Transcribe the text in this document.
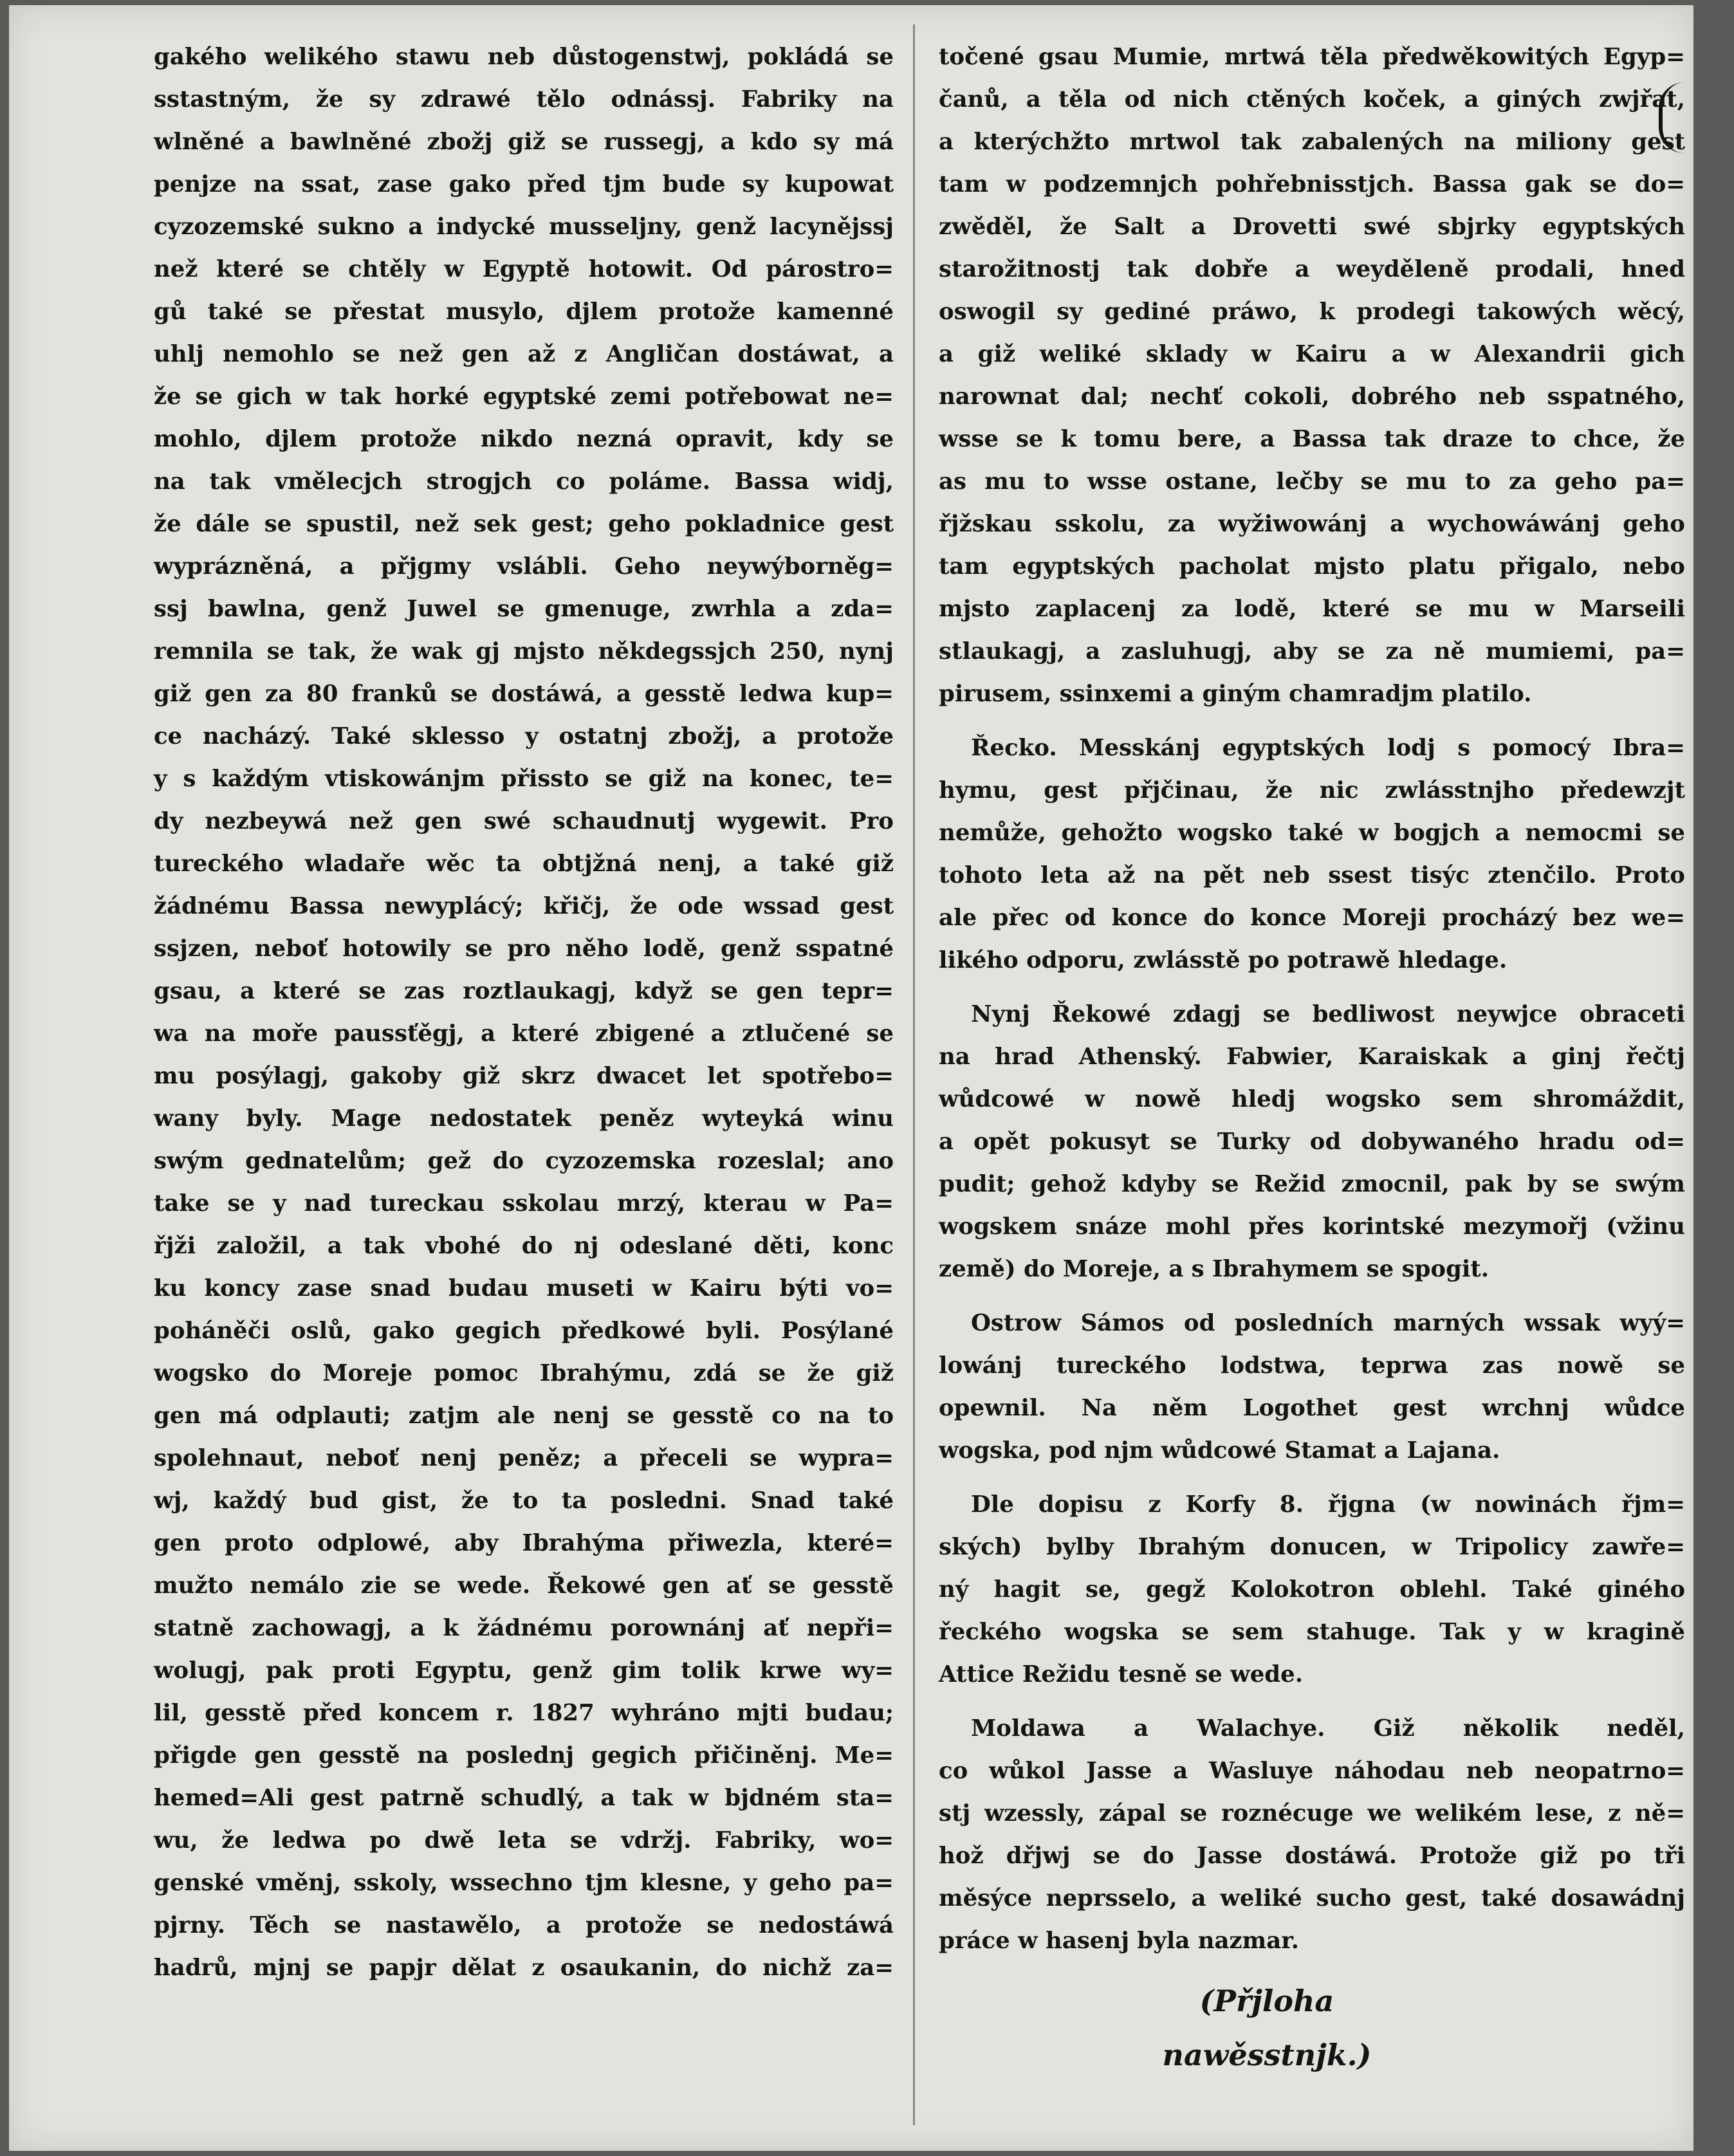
gakého welikého stawu neb důstogenstwj, pokládá se
sstastným, že sy zdrawé tělo odnássj. Fabriky na
wlněné a bawlněné zbožj giž se russegj, a kdo sy má
penjze na ssat, zase gako před tjm bude sy kupowat
cyzozemské sukno a indycké musseljny, genž lacynějssj
než které se chtěly w Egyptě hotowit. Od párostro=
gů také se přestat musylo, djlem protože kamenné
uhlj nemohlo se než gen až z Angličan dostáwat, a
že se gich w tak horké egyptské zemi potřebowat ne=
mohlo, djlem protože nikdo nezná opravit, kdy se
na tak vmělecjch strogjch co poláme. Bassa widj,
že dále se spustil, než sek gest; geho pokladnice gest
wyprázněná, a přjgmy vslábli. Geho neywýborněg=
ssj bawlna, genž Juwel se gmenuge, zwrhla a zda=
remnila se tak, že wak gj mjsto někdegssjch 250, nynj
giž gen za 80 franků se dostáwá, a gesstě ledwa kup=
ce nacházý. Také sklesso y ostatnj zbožj, a protože
y s každým vtiskowánjm přissto se giž na konec, te=
dy nezbeywá než gen swé schaudnutj wygewit. Pro
tureckého wladaře wěc ta obtjžná nenj, a také giž
žádnému Bassa newyplácý; křičj, že ode wssad gest
ssjzen, neboť hotowily se pro něho lodě, genž sspatné
gsau, a které se zas roztlaukagj, když se gen tepr=
wa na moře paussťěgj, a které zbigené a ztlučené se
mu posýlagj, gakoby giž skrz dwacet let spotřebo=
wany byly. Mage nedostatek peněz wyteyká winu
swým gednatelům; gež do cyzozemska rozeslal; ano
take se y nad tureckau sskolau mrzý, kterau w Pa=
řjži založil, a tak vbohé do nj odeslané děti, konc
ku koncy zase snad budau museti w Kairu býti vo=
poháněči oslů, gako gegich předkowé byli. Posýlané
wogsko do Moreje pomoc Ibrahýmu, zdá se že giž
gen má odplauti; zatjm ale nenj se gesstě co na to
spolehnaut, neboť nenj peněz; a přeceli se wypra=
wj, každý bud gist, že to ta posledni. Snad také
gen proto odplowé, aby Ibrahýma přiwezla, které=
mužto nemálo zie se wede. Řekowé gen ať se gesstě
statně zachowagj, a k žádnému porownánj ať nepři=
wolugj, pak proti Egyptu, genž gim tolik krwe wy=
lil, gesstě před koncem r. 1827 wyhráno mjti budau;
přigde gen gesstě na poslednj gegich přičiněnj. Me=
hemed=Ali gest patrně schudlý, a tak w bjdném sta=
wu, že ledwa po dwě leta se vdržj. Fabriky, wo=
genské vměnj, sskoly, wssechno tjm klesne, y geho pa=
pjrny. Těch se nastawělo, a protože se nedostáwá
hadrů, mjnj se papjr dělat z osaukanin, do nichž za=
točené gsau Mumie, mrtwá těla předwěkowitých Egyp=
čanů, a těla od nich ctěných koček, a giných zwjřat,
a kterýchžto mrtwol tak zabalených na miliony gest
tam w podzemnjch pohřebnisstjch. Bassa gak se do=
zwěděl, že Salt a Drovetti swé sbjrky egyptských
starožitnostj tak dobře a weyděleně prodali, hned
oswogil sy gediné práwo, k prodegi takowých wěcý,
a giž weliké sklady w Kairu a w Alexandrii gich
narownat dal; nechť cokoli, dobrého neb sspatného,
wsse se k tomu bere, a Bassa tak draze to chce, že
as mu to wsse ostane, lečby se mu to za geho pa=
řjžskau sskolu, za wyžiwowánj a wychowáwánj geho
tam egyptských pacholat mjsto platu přigalo, nebo
mjsto zaplacenj za lodě, které se mu w Marseili
stlaukagj, a zasluhugj, aby se za ně mumiemi, pa=
pirusem, ssinxemi a giným chamradjm platilo.
Řecko. Messkánj egyptských lodj s pomocý Ibra=
hymu, gest přjčinau, že nic zwlásstnjho předewzjt
nemůže, gehožto wogsko také w bogjch a nemocmi se
tohoto leta až na pět neb ssest tisýc ztenčilo. Proto
ale přec od konce do konce Moreji procházý bez we=
likého odporu, zwlásstě po potrawě hledage.
Nynj Řekowé zdagj se bedliwost neywjce obraceti
na hrad Athenský. Fabwier, Karaiskak a ginj řečtj
wůdcowé w nowě hledj wogsko sem shromáždit,
a opět pokusyt se Turky od dobywaného hradu od=
pudit; gehož kdyby se Režid zmocnil, pak by se swým
wogskem snáze mohl přes korintské mezymořj (vžinu
země) do Moreje, a s Ibrahymem se spogit.
Ostrow Sámos od posledních marných wssak wyý=
lowánj tureckého lodstwa, teprwa zas nowě se
opewnil. Na něm Logothet gest wrchnj wůdce
wogska, pod njm wůdcowé Stamat a Lajana.
Dle dopisu z Korfy 8. řjgna (w nowinách řjm=
ských) bylby Ibrahým donucen, w Tripolicy zawře=
ný hagit se, gegž Kolokotron oblehl. Také giného
řeckého wogska se sem stahuge. Tak y w kragině
Attice Režidu tesně se wede.
Moldawa a Walachye. Giž několik neděl,
co wůkol Jasse a Wasluye náhodau neb neopatrno=
stj wzessly, zápal se roznécuge we welikém lese, z ně=
hož dřjwj se do Jasse dostáwá. Protože giž po tři
měsýce neprsselo, a weliké sucho gest, také dosawádnj
práce w hasenj byla nazmar.
(Přjloha nawěsstnjk.)
